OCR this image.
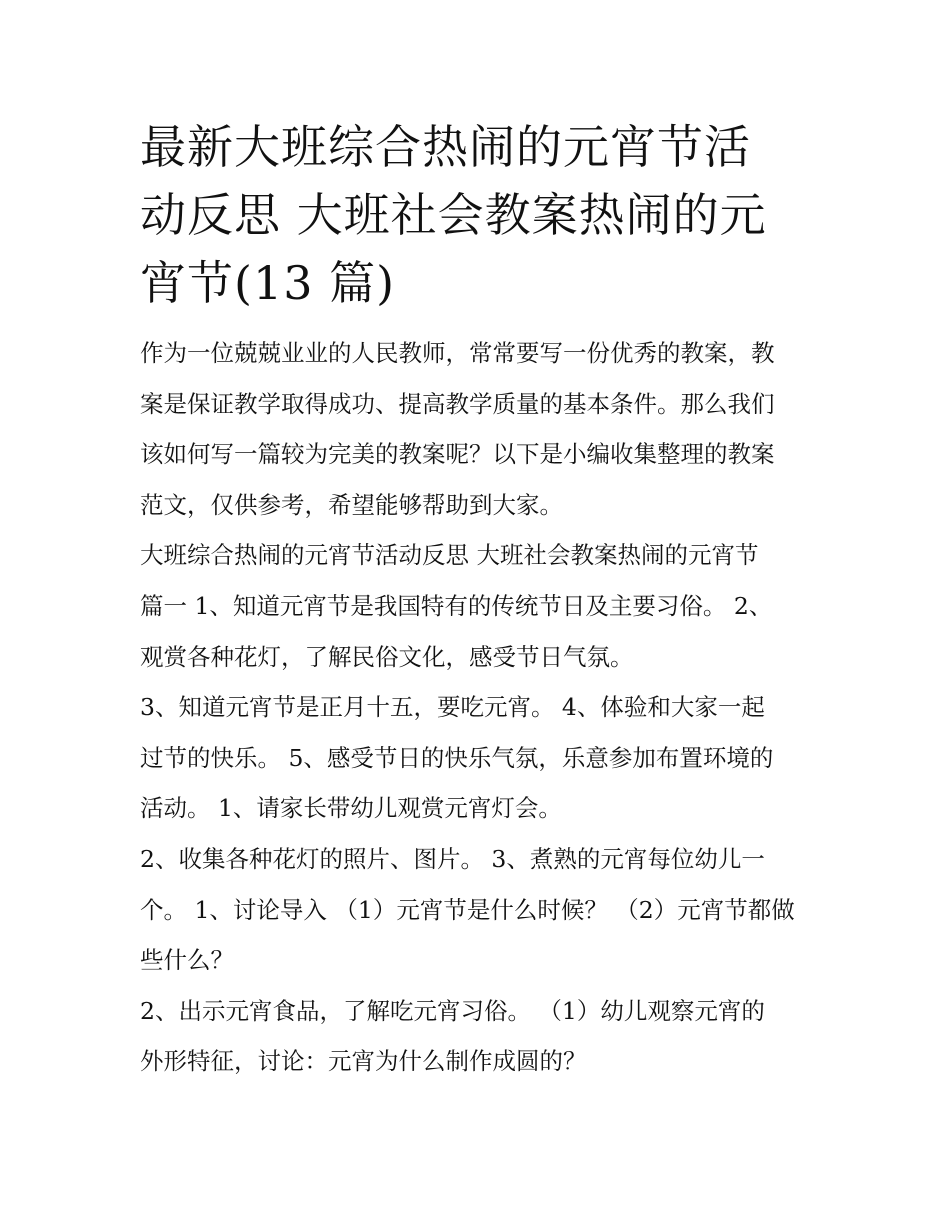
最新大班综合热闹的元宵节活
动反思 大班社会教案热闹的元
宵节(13 篇)

作为一位兢兢业业的人民教师，常常要写一份优秀的教案，教
案是保证教学取得成功、提高教学质量的基本条件。那么我们
该如何写一篇较为完美的教案呢？以下是小编收集整理的教案
范文，仅供参考，希望能够帮助到大家。

大班综合热闹的元宵节活动反思 大班社会教案热闹的元宵节
篇一 1、知道元宵节是我国特有的传统节日及主要习俗。 2、
观赏各种花灯，了解民俗文化，感受节日气氛。

3、知道元宵节是正月十五，要吃元宵。 4、体验和大家一起
过节的快乐。 5、感受节日的快乐气氛，乐意参加布置环境的
活动。 1、请家长带幼儿观赏元宵灯会。

2、收集各种花灯的照片、图片。 3、煮熟的元宵每位幼儿一
个。 1、讨论导入 （1）元宵节是什么时候？ （2）元宵节都做
些什么？

2、出示元宵食品，了解吃元宵习俗。 （1）幼儿观察元宵的
外形特征，讨论：元宵为什么制作成圆的？
